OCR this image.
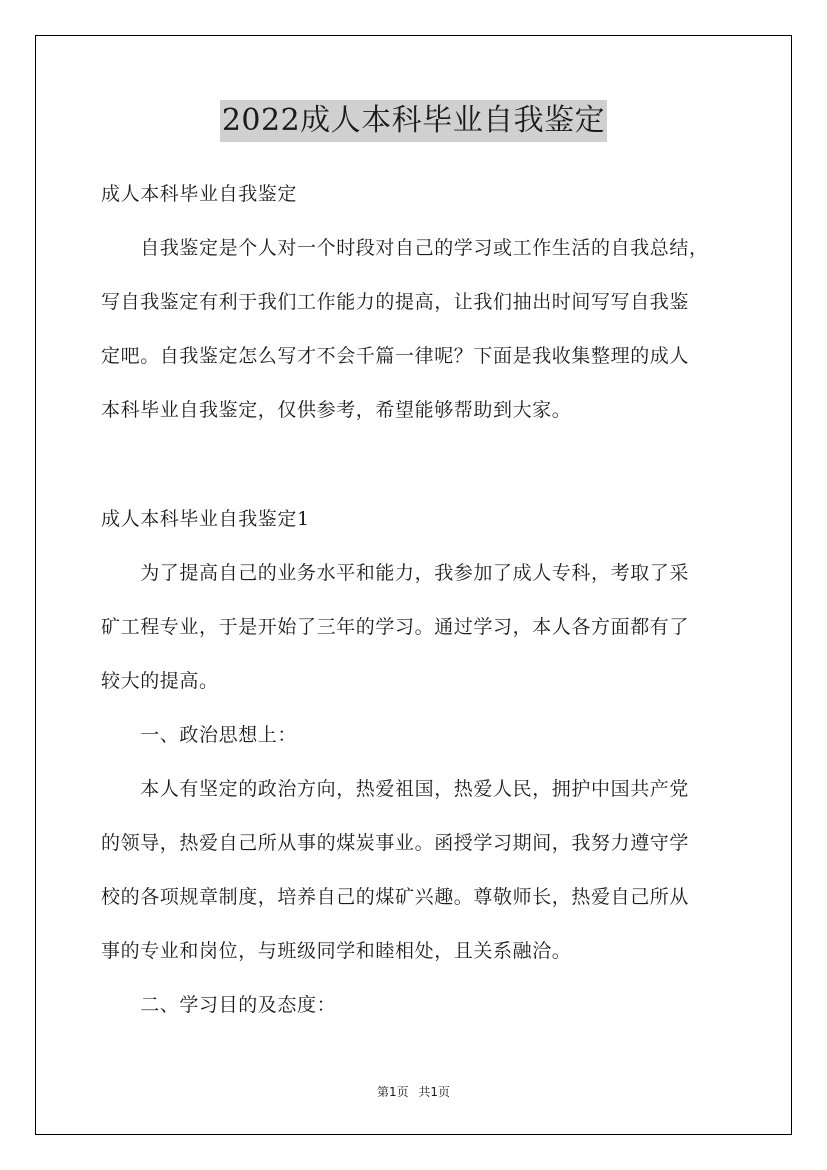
2022成人本科毕业自我鉴定
成人本科毕业自我鉴定
　　自我鉴定是个人对一个时段对自己的学习或工作生活的自我总结，
写自我鉴定有利于我们工作能力的提高，让我们抽出时间写写自我鉴
定吧。自我鉴定怎么写才不会千篇一律呢？下面是我收集整理的成人
本科毕业自我鉴定，仅供参考，希望能够帮助到大家。
成人本科毕业自我鉴定1
　　为了提高自己的业务水平和能力，我参加了成人专科，考取了采
矿工程专业，于是开始了三年的学习。通过学习，本人各方面都有了
较大的提高。
　　一、政治思想上：
　　本人有坚定的政治方向，热爱祖国，热爱人民，拥护中国共产党
的领导，热爱自己所从事的煤炭事业。函授学习期间，我努力遵守学
校的各项规章制度，培养自己的煤矿兴趣。尊敬师长，热爱自己所从
事的专业和岗位，与班级同学和睦相处，且关系融洽。
　　二、学习目的及态度：
第1页 共1页
